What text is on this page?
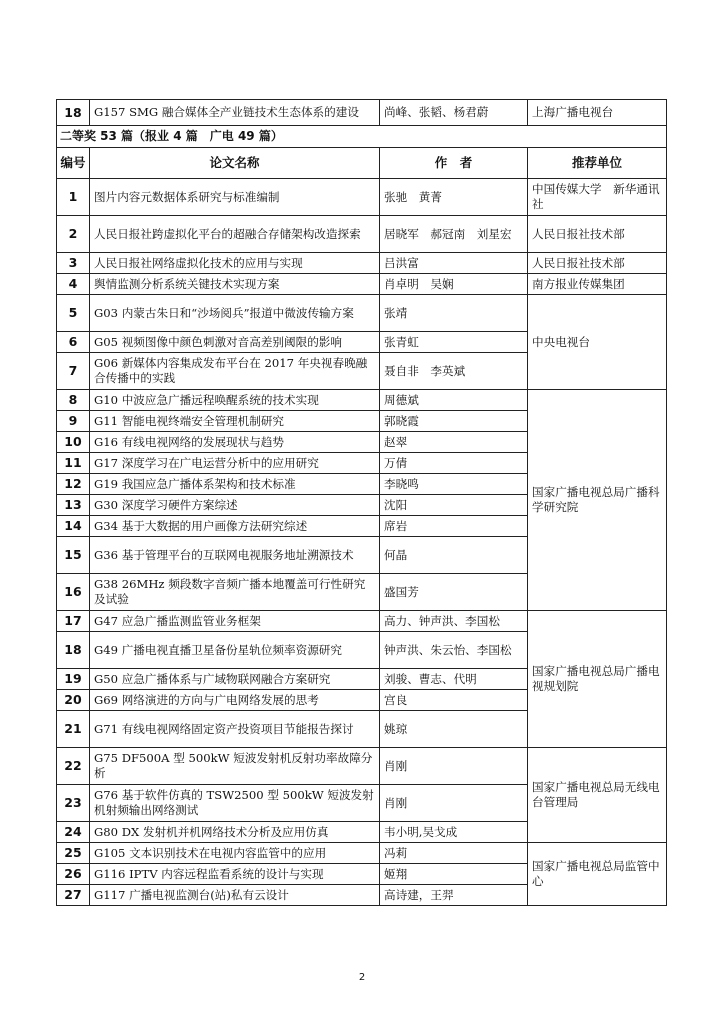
18	G157 SMG 融合媒体全产业链技术生态体系的建设	尚峰、张韬、杨君蔚	上海广播电视台
二等奖 53 篇（报业 4 篇　广电 49 篇）			
编号	论文名称	作　者	推荐单位
1	图片内容元数据体系研究与标准编制	张驰　黄菁	中国传媒大学　新华通讯社
2	人民日报社跨虚拟化平台的超融合存储架构改造探索	居晓军　郝冠南　刘星宏	人民日报社技术部
3	人民日报社网络虚拟化技术的应用与实现	吕洪富	人民日报社技术部
4	舆情监测分析系统关键技术实现方案	肖卓明　吴娴	南方报业传媒集团
5	G03 内蒙古朱日和“沙场阅兵”报道中微波传输方案	张靖	中央电视台
6	G05 视频图像中颜色刺激对音高差别阈限的影响	张青虹	
7	G06 新媒体内容集成发布平台在 2017 年央视春晚融合传播中的实践	聂自非　李英斌	
8	G10 中波应急广播远程唤醒系统的技术实现	周德斌	国家广播电视总局广播科学研究院
9	G11 智能电视终端安全管理机制研究	郭晓霞	
10	G16 有线电视网络的发展现状与趋势	赵翠	
11	G17 深度学习在广电运营分析中的应用研究	万倩	
12	G19 我国应急广播体系架构和技术标准	李晓鸣	
13	G30 深度学习硬件方案综述	沈阳	
14	G34 基于大数据的用户画像方法研究综述	席岩	
15	G36 基于管理平台的互联网电视服务地址溯源技术	何晶	
16	G38 26MHz 频段数字音频广播本地覆盖可行性研究及试验	盛国芳	
17	G47 应急广播监测监管业务框架	高力、钟声洪、李国松	国家广播电视总局广播电视规划院
18	G49 广播电视直播卫星备份星轨位频率资源研究	钟声洪、朱云怡、李国松	
19	G50 应急广播体系与广域物联网融合方案研究	刘骏、曹志、代明	
20	G69 网络演进的方向与广电网络发展的思考	宫良	
21	G71 有线电视网络固定资产投资项目节能报告探讨	姚琼	
22	G75 DF500A 型 500kW 短波发射机反射功率故障分析	肖刚	国家广播电视总局无线电台管理局
23	G76 基于软件仿真的 TSW2500 型 500kW 短波发射机射频输出网络测试	肖刚	
24	G80 DX 发射机并机网络技术分析及应用仿真	韦小明,吴戈成	
25	G105 文本识别技术在电视内容监管中的应用	冯莉	国家广播电视总局监管中心
26	G116 IPTV 内容远程监看系统的设计与实现	姬翔	
27	G117 广播电视监测台(站)私有云设计	高诗建，王羿	
2
